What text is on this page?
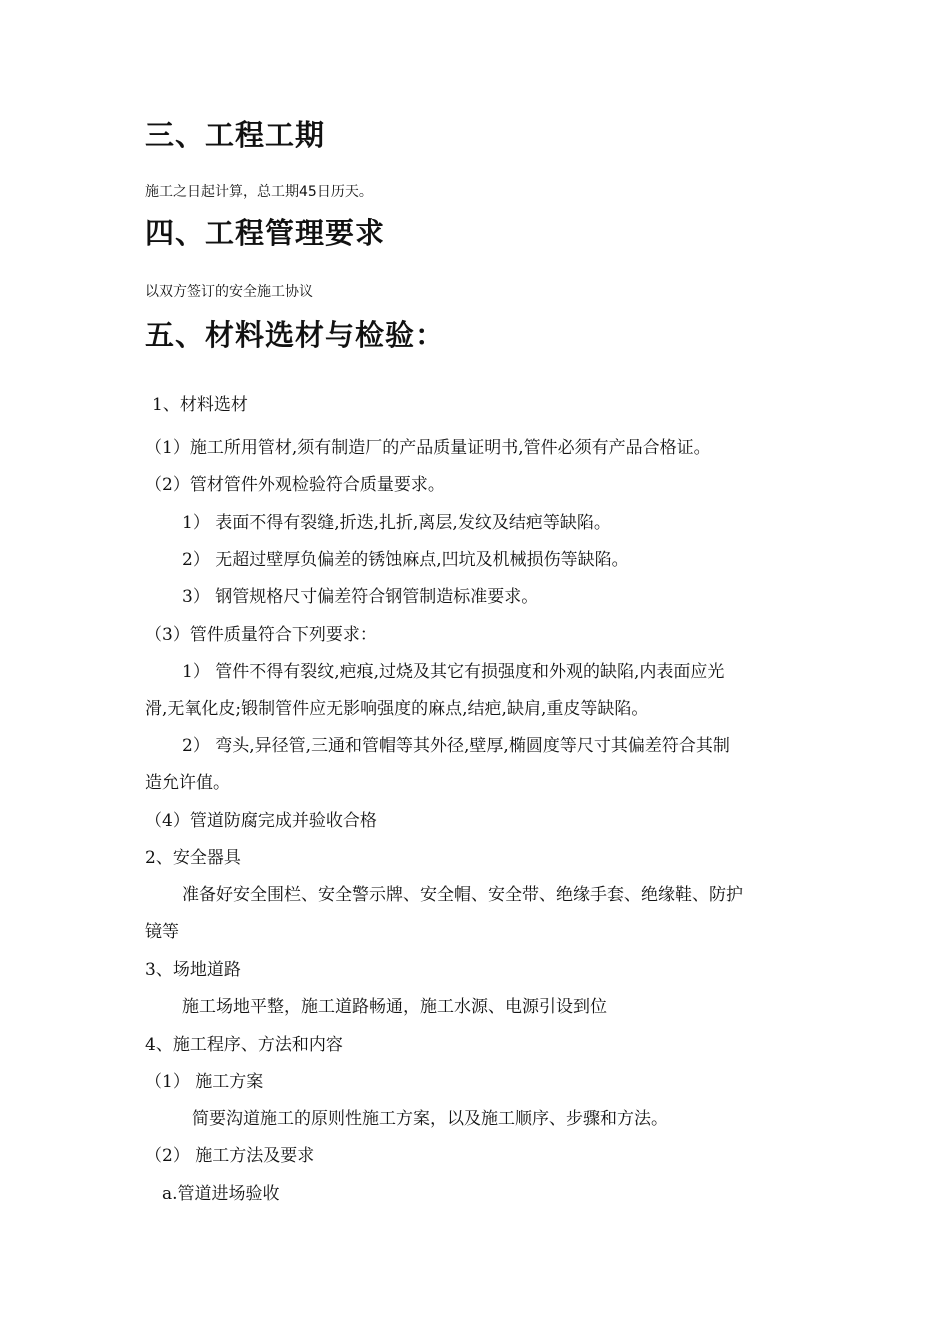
三、工程工期

施工之日起计算，总工期45日历天。

四、工程管理要求

以双方签订的安全施工协议

五、材料选材与检验：

1、材料选材

（1）施工所用管材,须有制造厂的产品质量证明书,管件必须有产品合格证。

（2）管材管件外观检验符合质量要求。

1） 表面不得有裂缝,折迭,扎折,离层,发纹及结疤等缺陷。

2） 无超过壁厚负偏差的锈蚀麻点,凹坑及机械损伤等缺陷。

3） 钢管规格尺寸偏差符合钢管制造标准要求。

（3）管件质量符合下列要求：

1） 管件不得有裂纹,疤痕,过烧及其它有损强度和外观的缺陷,内表面应光

滑,无氧化皮;锻制管件应无影响强度的麻点,结疤,缺肩,重皮等缺陷。

2） 弯头,异径管,三通和管帽等其外径,壁厚,椭圆度等尺寸其偏差符合其制

造允许值。

（4）管道防腐完成并验收合格

2、安全器具

准备好安全围栏、安全警示牌、安全帽、安全带、绝缘手套、绝缘鞋、防护

镜等

3、场地道路

施工场地平整，施工道路畅通，施工水源、电源引设到位

4、施工程序、方法和内容

（1） 施工方案

简要沟道施工的原则性施工方案，以及施工顺序、步骤和方法。

（2） 施工方法及要求

a.管道进场验收
